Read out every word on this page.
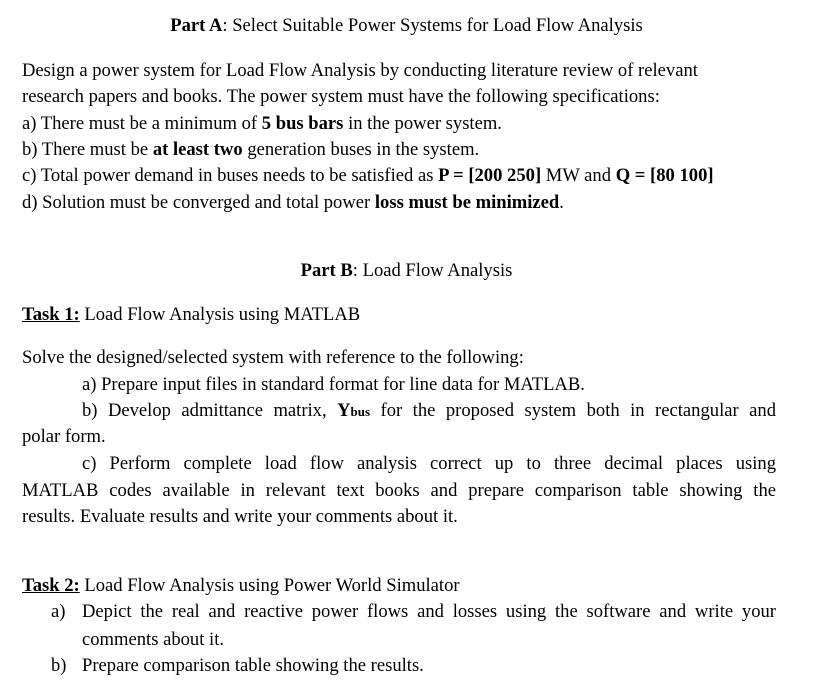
Part A: Select Suitable Power Systems for Load Flow Analysis
Design a power system for Load Flow Analysis by conducting literature review of relevant
research papers and books. The power system must have the following specifications:
a) There must be a minimum of 5 bus bars in the power system.
b) There must be at least two generation buses in the system.
c) Total power demand in buses needs to be satisfied as P = [200 250] MW and Q = [80 100]
d) Solution must be converged and total power loss must be minimized.
Part B: Load Flow Analysis
Task 1: Load Flow Analysis using MATLAB
Solve the designed/selected system with reference to the following:
a) Prepare input files in standard format for line data for MATLAB.
b) Develop admittance matrix, Ybus for the proposed system both in rectangular and
polar form.
c) Perform complete load flow analysis correct up to three decimal places using
MATLAB codes available in relevant text books and prepare comparison table showing the
results. Evaluate results and write your comments about it.
Task 2: Load Flow Analysis using Power World Simulator
a) Depict the real and reactive power flows and losses using the software and write your
comments about it.
b) Prepare comparison table showing the results.
